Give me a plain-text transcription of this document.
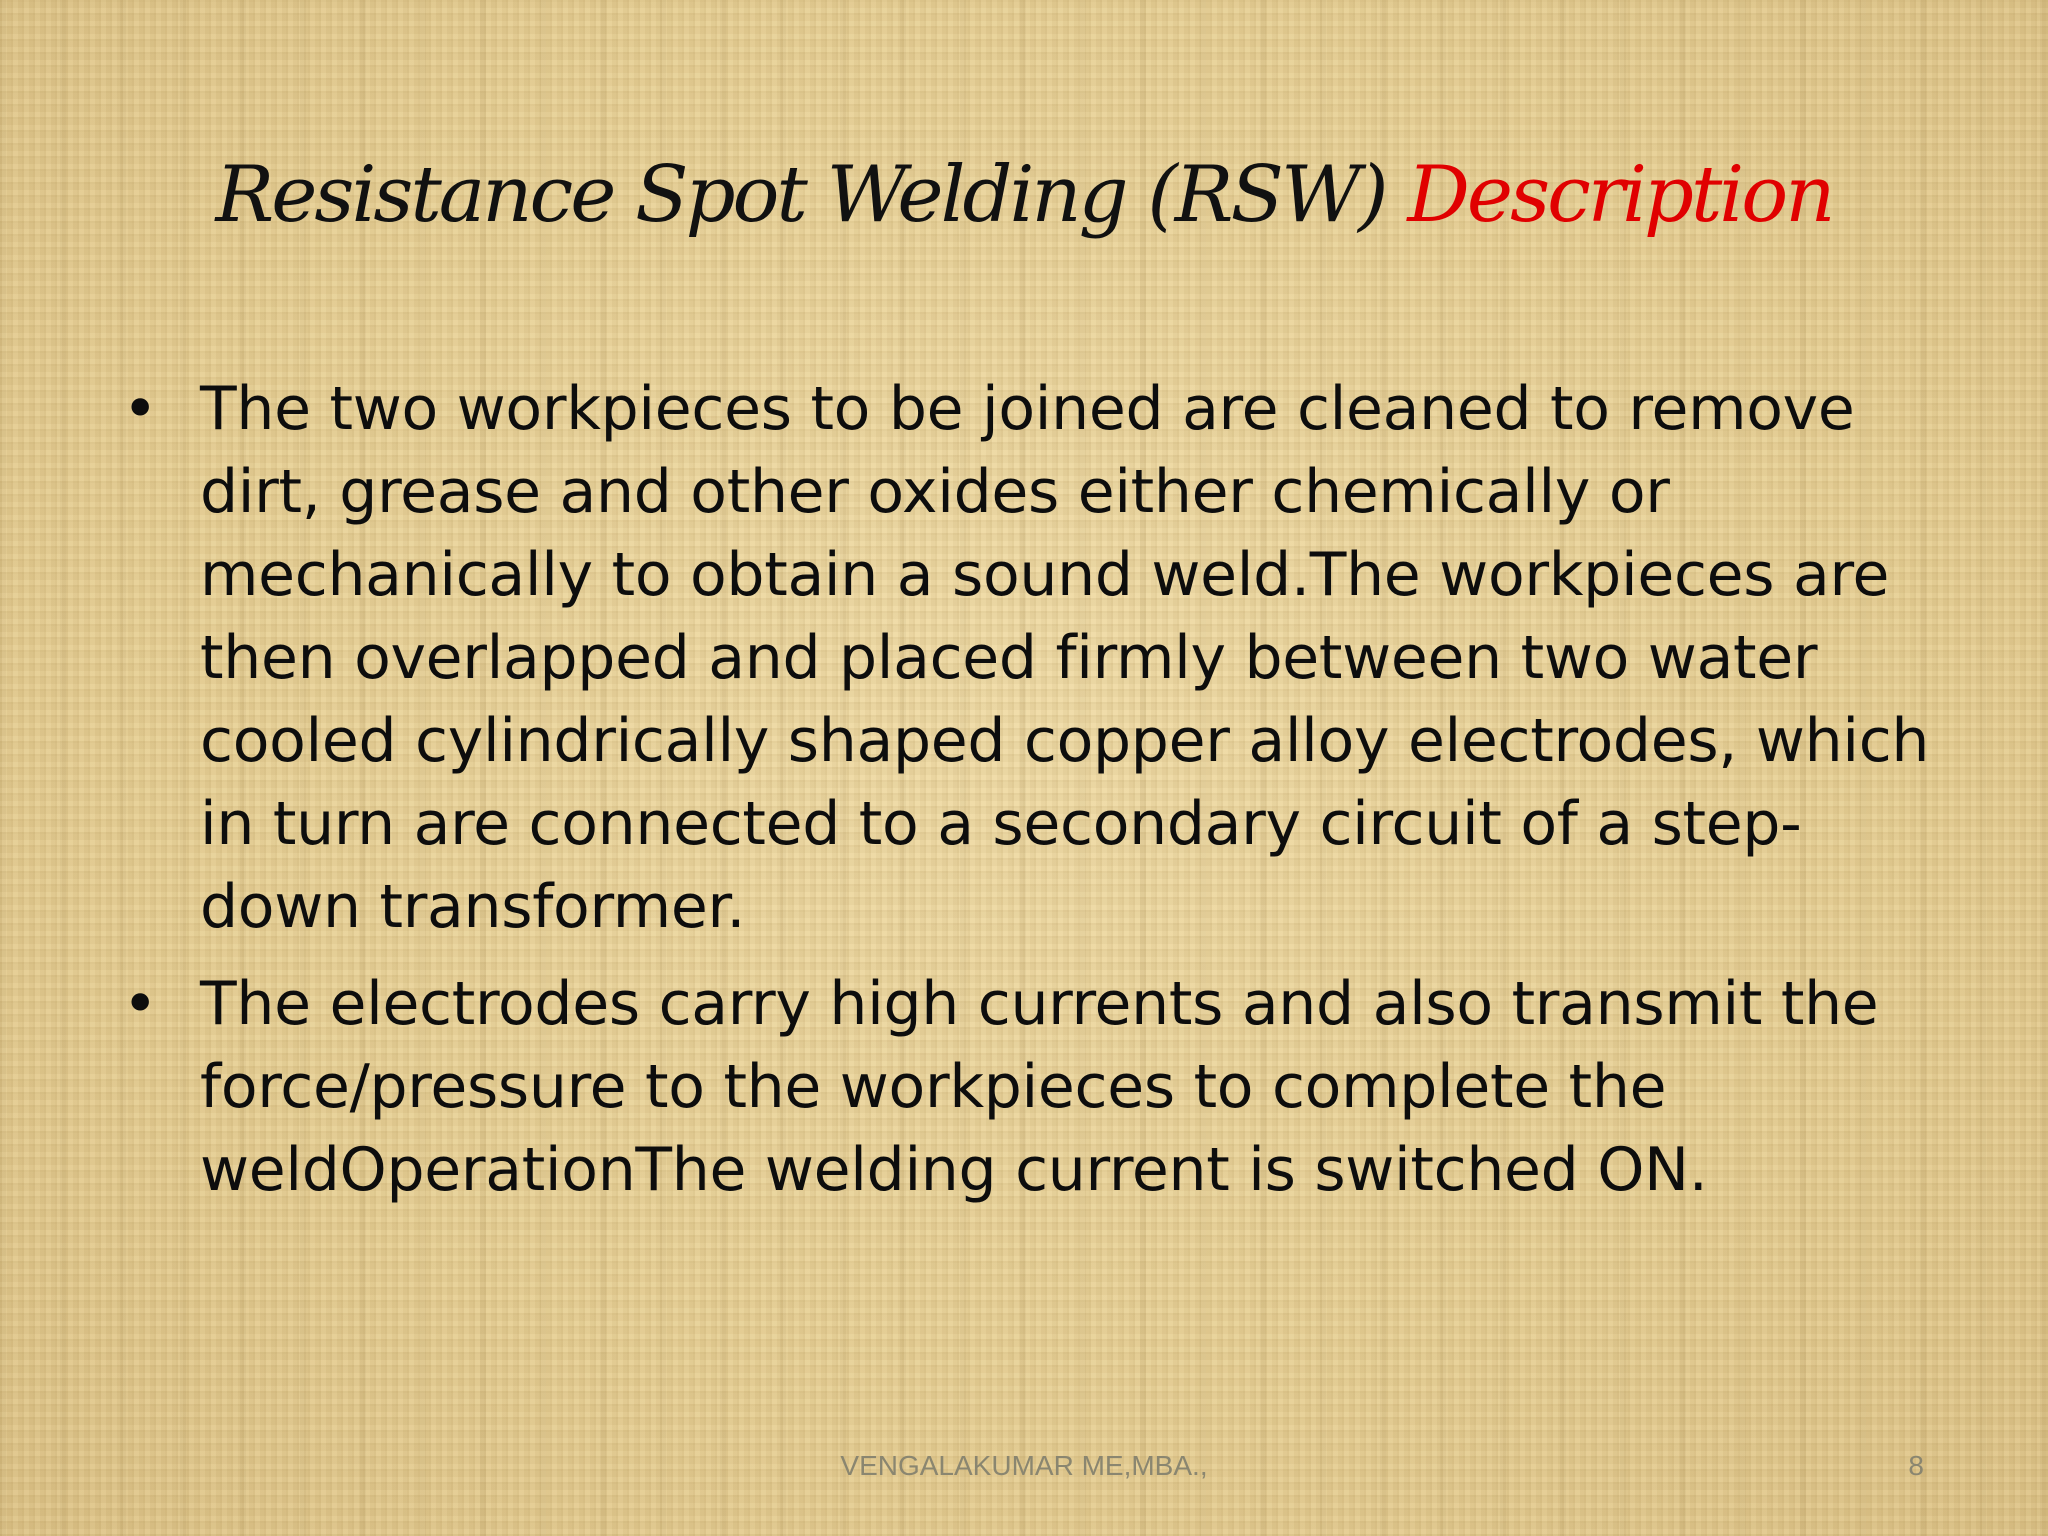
Resistance Spot Welding (RSW) Description
• The two workpieces to be joined are cleaned to remove dirt, grease and other oxides either chemically or mechanically to obtain a sound weld.The workpieces are then overlapped and placed firmly between two water cooled cylindrically shaped copper alloy electrodes, which in turn are connected to a secondary circuit of a step-down transformer.
• The electrodes carry high currents and also transmit the force/pressure to the workpieces to complete the weldOperationThe welding current is switched ON.
VENGALAKUMAR ME,MBA.,	8
